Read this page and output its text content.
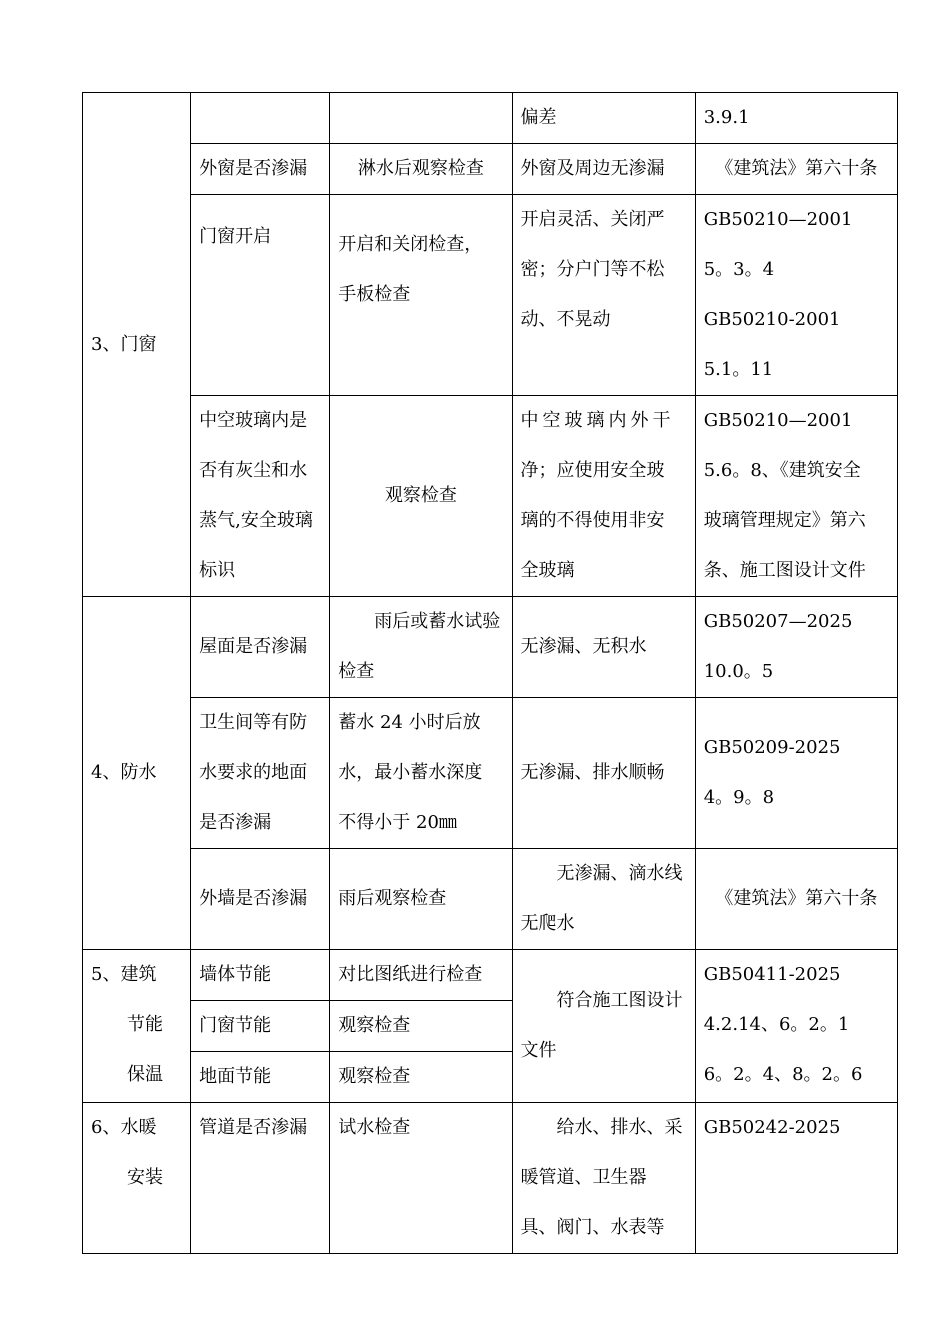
3、门窗			偏差	3.9.1
	外窗是否渗漏	淋水后观察检查	外窗及周边无渗漏	《建筑法》第六十条

	门窗开启	开启和关闭检查，
手板检查	开启灵活、关闭严
密；分户门等不松
动、不晃动	GB50210—2001
5。3。4
GB50210-2001
5.1。11

	中空玻璃内是
否有灰尘和水
蒸气,安全玻璃
标识	观察检查	中空玻璃内外干
净；应使用安全玻
璃的不得使用非安
全玻璃	GB50210—2001
5.6。8、《建筑安全
玻璃管理规定》第六
条、施工图设计文件

4、防水	屋面是否渗漏	雨后或蓄水试验
检查	无渗漏、无积水	GB50207—2025
10.0。5

	卫生间等有防
水要求的地面
是否渗漏	蓄水 24 小时后放
水，最小蓄水深度
不得小于 20㎜	无渗漏、排水顺畅	GB50209-2025
4。9。8

	外墙是否渗漏	雨后观察检查	无渗漏、滴水线
无爬水	《建筑法》第六十条

5、建筑
节能
保温	墙体节能	对比图纸进行检查	符合施工图设计
文件	GB50411-2025
4.2.14、6。2。1
6。2。4、8。2。6

	门窗节能	观察检查		
	地面节能	观察检查		

6、水暖
安装	管道是否渗漏	试水检查	给水、排水、采
暖管道、卫生器
具、阀门、水表等	GB50242-2025
